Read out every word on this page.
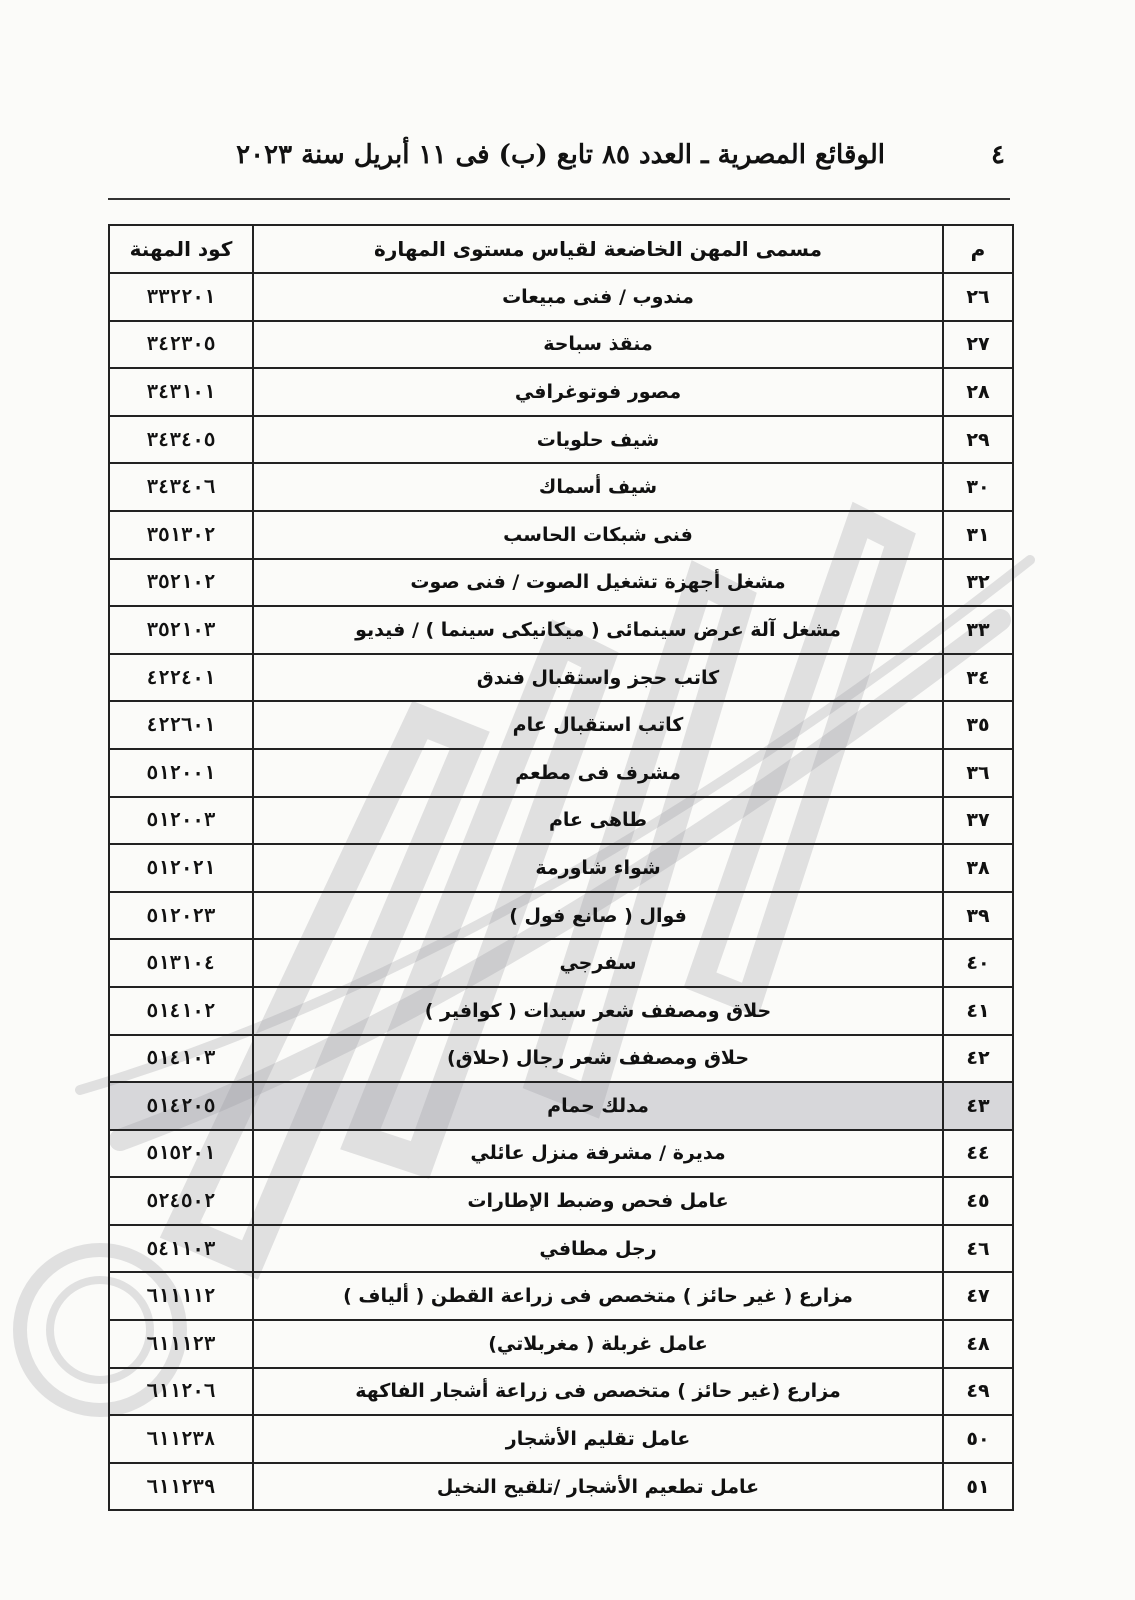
٤
الوقائع المصرية ـ العدد ٨٥ تابع (ب) فى ١١ أبريل سنة ٢٠٢٣
م	مسمى المهن الخاضعة لقياس مستوى المهارة	كود المهنة
٢٦	مندوب / فنى مبيعات	٣٣٢٢٠١
٢٧	منقذ سباحة	٣٤٢٣٠٥
٢٨	مصور فوتوغرافي	٣٤٣١٠١
٢٩	شيف حلويات	٣٤٣٤٠٥
٣٠	شيف أسماك	٣٤٣٤٠٦
٣١	فنى شبكات الحاسب	٣٥١٣٠٢
٣٢	مشغل أجهزة تشغيل الصوت / فنى صوت	٣٥٢١٠٢
٣٣	مشغل آلة عرض سينمائى ( ميكانيكى سينما ) / فيديو	٣٥٢١٠٣
٣٤	كاتب حجز واستقبال فندق	٤٢٢٤٠١
٣٥	كاتب استقبال عام	٤٢٢٦٠١
٣٦	مشرف فى مطعم	٥١٢٠٠١
٣٧	طاهى عام	٥١٢٠٠٣
٣٨	شواء شاورمة	٥١٢٠٢١
٣٩	فوال ( صانع فول )	٥١٢٠٢٣
٤٠	سفرجي	٥١٣١٠٤
٤١	حلاق ومصفف شعر سيدات ( كوافير )	٥١٤١٠٢
٤٢	حلاق ومصفف شعر رجال (حلاق)	٥١٤١٠٣
٤٣	مدلك حمام	٥١٤٢٠٥
٤٤	مديرة / مشرفة منزل عائلي	٥١٥٢٠١
٤٥	عامل فحص وضبط الإطارات	٥٢٤٥٠٢
٤٦	رجل مطافي	٥٤١١٠٣
٤٧	مزارع ( غير حائز ) متخصص فى زراعة القطن ( ألياف )	٦١١١١٢
٤٨	عامل غربلة ( مغربلاتي)	٦١١١٢٣
٤٩	مزارع (غير حائز ) متخصص فى زراعة أشجار الفاكهة	٦١١٢٠٦
٥٠	عامل تقليم الأشجار	٦١١٢٣٨
٥١	عامل تطعيم الأشجار /تلقيح النخيل	٦١١٢٣٩
